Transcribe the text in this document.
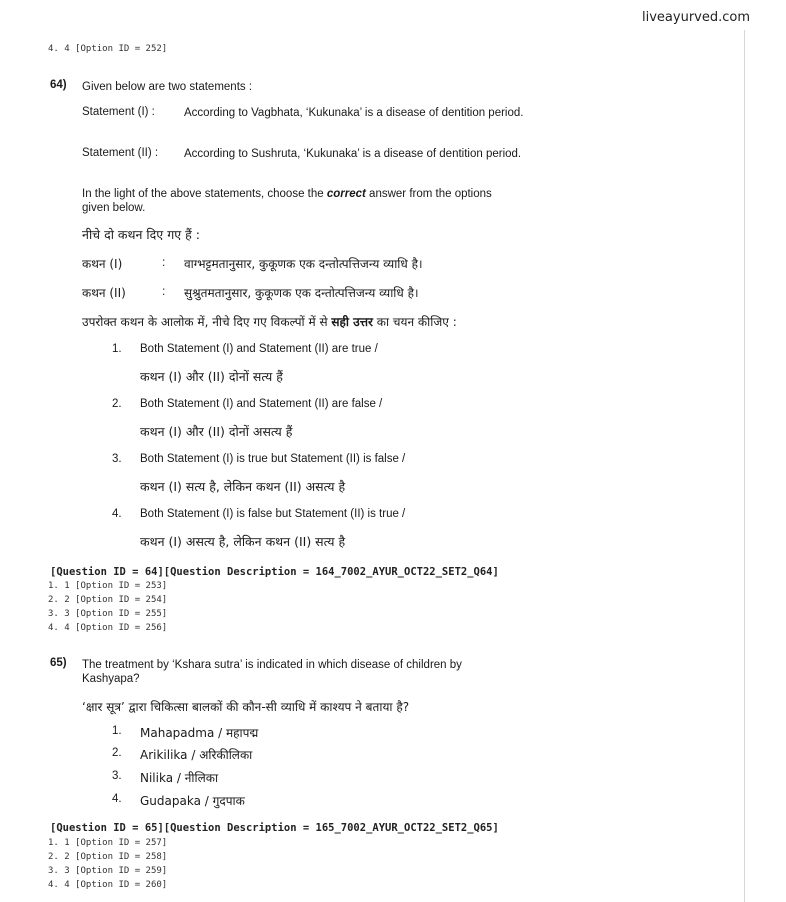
liveayurved.com
4. 4 [Option ID = 252]
64) Given below are two statements :
Statement (I) :	According to Vagbhata, ‘Kukunaka’ is a disease of dentition period.
Statement (II) : According to Sushruta, ‘Kukunaka’ is a disease of dentition period.
In the light of the above statements, choose the correct answer from the options given below.
नीचे दो कथन दिए गए हैं :
कथन (I)	: वाग्भट्टमतानुसार, कुकूणक एक दन्तोत्पत्तिजन्य व्याधि है।
कथन (II)	: सुश्रुतमतानुसार, कुकूणक एक दन्तोत्पत्तिजन्य व्याधि है।
उपरोक्त कथन के आलोक में, नीचे दिए गए विकल्पों में से सही उत्तर का चयन कीजिए :
1. Both Statement (I) and Statement (II) are true /
कथन (I) और (II) दोनों सत्य हैं
2. Both Statement (I) and Statement (II) are false /
कथन (I) और (II) दोनों असत्य हैं
3. Both Statement (I) is true but Statement (II) is false /
कथन (I) सत्य है, लेकिन कथन (II) असत्य है
4. Both Statement (I) is false but Statement (II) is true /
कथन (I) असत्य है, लेकिन कथन (II) सत्य है
[Question ID = 64][Question Description = 164_7002_AYUR_OCT22_SET2_Q64]
1. 1 [Option ID = 253]
2. 2 [Option ID = 254]
3. 3 [Option ID = 255]
4. 4 [Option ID = 256]
65) The treatment by ‘Kshara sutra’ is indicated in which disease of children by Kashyapa?
‘क्षार सूत्र’ द्वारा चिकित्सा बालकों की कौन-सी व्याधि में काश्यप ने बताया है?
1. Mahapadma / महापद्म
2. Arikilika / अरिकीलिका
3. Nilika / नीलिका
4. Gudapaka / गुदपाक
[Question ID = 65][Question Description = 165_7002_AYUR_OCT22_SET2_Q65]
1. 1 [Option ID = 257]
2. 2 [Option ID = 258]
3. 3 [Option ID = 259]
4. 4 [Option ID = 260]
